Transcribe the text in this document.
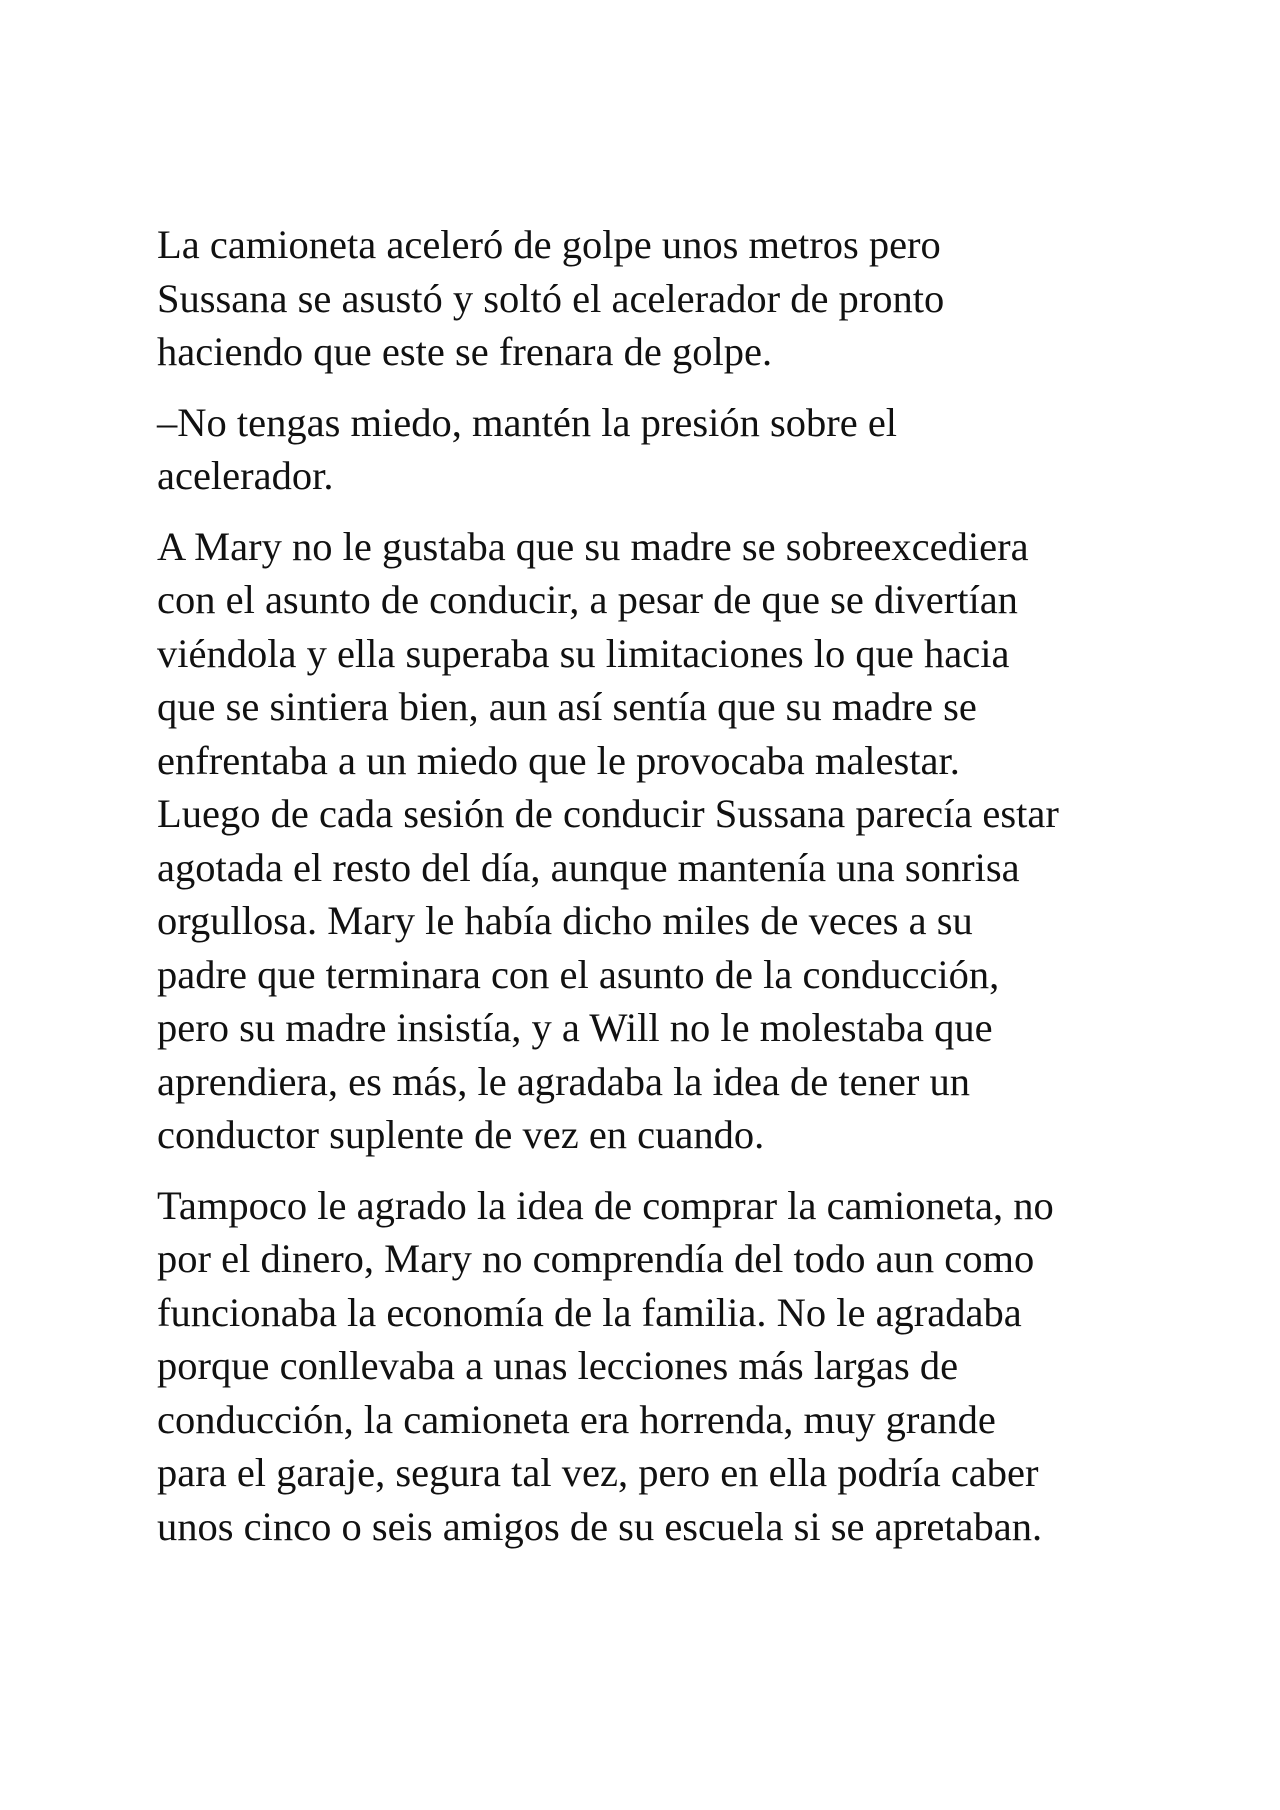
La camioneta aceleró de golpe unos metros pero
Sussana se asustó y soltó el acelerador de pronto
haciendo que este se frenara de golpe.

–No tengas miedo, mantén la presión sobre el
acelerador.

A Mary no le gustaba que su madre se sobreexcediera
con el asunto de conducir, a pesar de que se divertían
viéndola y ella superaba su limitaciones lo que hacia
que se sintiera bien, aun así sentía que su madre se
enfrentaba a un miedo que le provocaba malestar.
Luego de cada sesión de conducir Sussana parecía estar
agotada el resto del día, aunque mantenía una sonrisa
orgullosa. Mary le había dicho miles de veces a su
padre que terminara con el asunto de la conducción,
pero su madre insistía, y a Will no le molestaba que
aprendiera, es más, le agradaba la idea de tener un
conductor suplente de vez en cuando.

Tampoco le agrado la idea de comprar la camioneta, no
por el dinero, Mary no comprendía del todo aun como
funcionaba la economía de la familia. No le agradaba
porque conllevaba a unas lecciones más largas de
conducción, la camioneta era horrenda, muy grande
para el garaje, segura tal vez, pero en ella podría caber
unos cinco o seis amigos de su escuela si se apretaban.
